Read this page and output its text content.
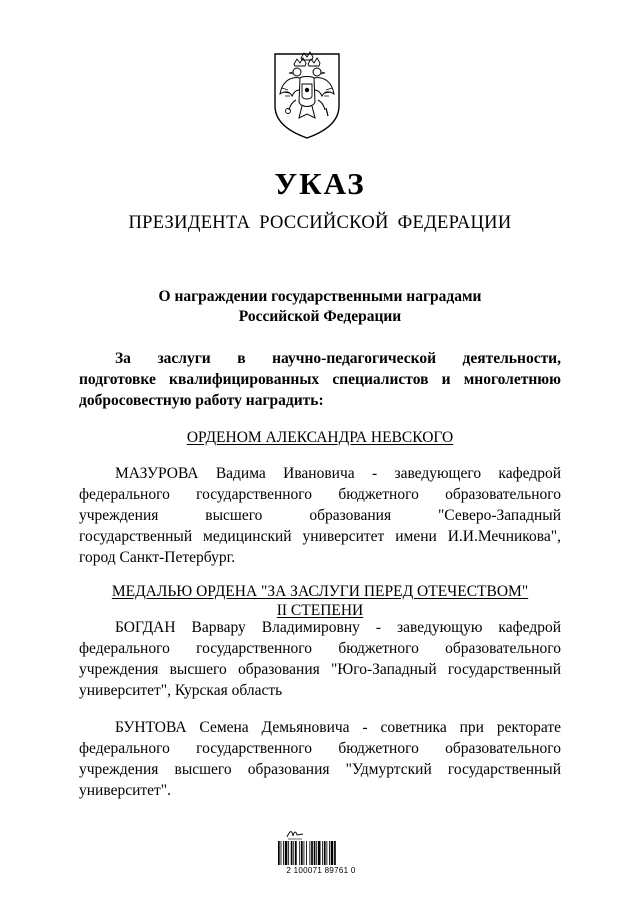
УКАЗ
ПРЕЗИДЕНТА РОССИЙСКОЙ ФЕДЕРАЦИИ
О награждении государственными наградами
Российской Федерации
За заслуги в научно-педагогической деятельности,
подготовке квалифицированных специалистов и многолетнюю
добросовестную работу наградить:
ОРДЕНОМ АЛЕКСАНДРА НЕВСКОГО
МАЗУРОВА Вадима Ивановича - заведующего кафедрой
федерального государственного бюджетного образовательного
учреждения высшего образования "Северо-Западный
государственный медицинский университет имени И.И.Мечникова",
город Санкт-Петербург.
МЕДАЛЬЮ ОРДЕНА "ЗА ЗАСЛУГИ ПЕРЕД ОТЕЧЕСТВОМ"
II СТЕПЕНИ
БОГДАН Варвару Владимировну - заведующую кафедрой
федерального государственного бюджетного образовательного
учреждения высшего образования "Юго-Западный государственный
университет", Курская область
БУНТОВА Семена Демьяновича - советника при ректорате
федерального государственного бюджетного образовательного
учреждения высшего образования "Удмуртский государственный
университет".
2 100071 89761 0
